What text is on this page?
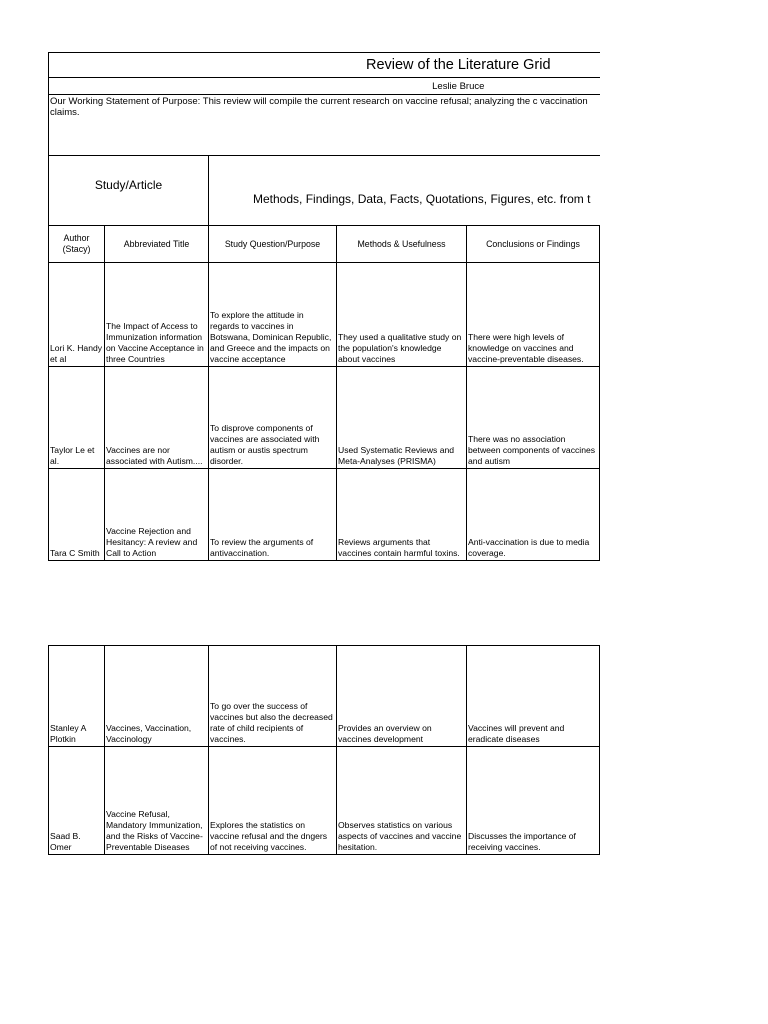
Review of the Literature Grid				
Leslie Bruce				
Our Working Statement of Purpose: This review will compile the current research on vaccine refusal; analyzing the c vaccination claims.				
Study/Article		Methods, Findings, Data, Facts, Quotations, Figures, etc. from t		
Author (Stacy)	Abbreviated Title	Study Question/Purpose	Methods & Usefulness	Conclusions or Findings
Lori K. Handy et al	The Impact of Access to Immunization information on Vaccine Acceptance in three Countries	To explore the attitude in regards to vaccines in Botswana, Dominican Republic, and Greece and the impacts on vaccine acceptance	They used a qualitative study on the population's knowledge about vaccines	There were high levels of knowledge on vaccines and vaccine-preventable diseases.
Taylor Le et al.	Vaccines are nor associated with Autism....	To disprove components of vaccines are associated with autism or austis spectrum disorder.	Used Systematic Reviews and Meta-Analyses (PRISMA)	There was no association between components of vaccines and autism
Tara C Smith	Vaccine Rejection and Hesitancy: A review and Call to Action	To review the arguments of antivaccination.	Reviews arguments that vaccines contain harmful toxins.	Anti-vaccination is due to media coverage.
Stanley A Plotkin	Vaccines, Vaccination, Vaccinology	To go over the success of vaccines but also the decreased rate of child recipients of vaccines.	Provides an overview on vaccines development	Vaccines will prevent and eradicate diseases
Saad B. Omer	Vaccine Refusal, Mandatory Immunization, and the Risks of Vaccine-Preventable Diseases	Explores the statistics on vaccine refusal and the dngers of not receiving vaccines.	Observes statistics on various aspects of vaccines and vaccine hesitation.	Discusses the importance of receiving vaccines.
